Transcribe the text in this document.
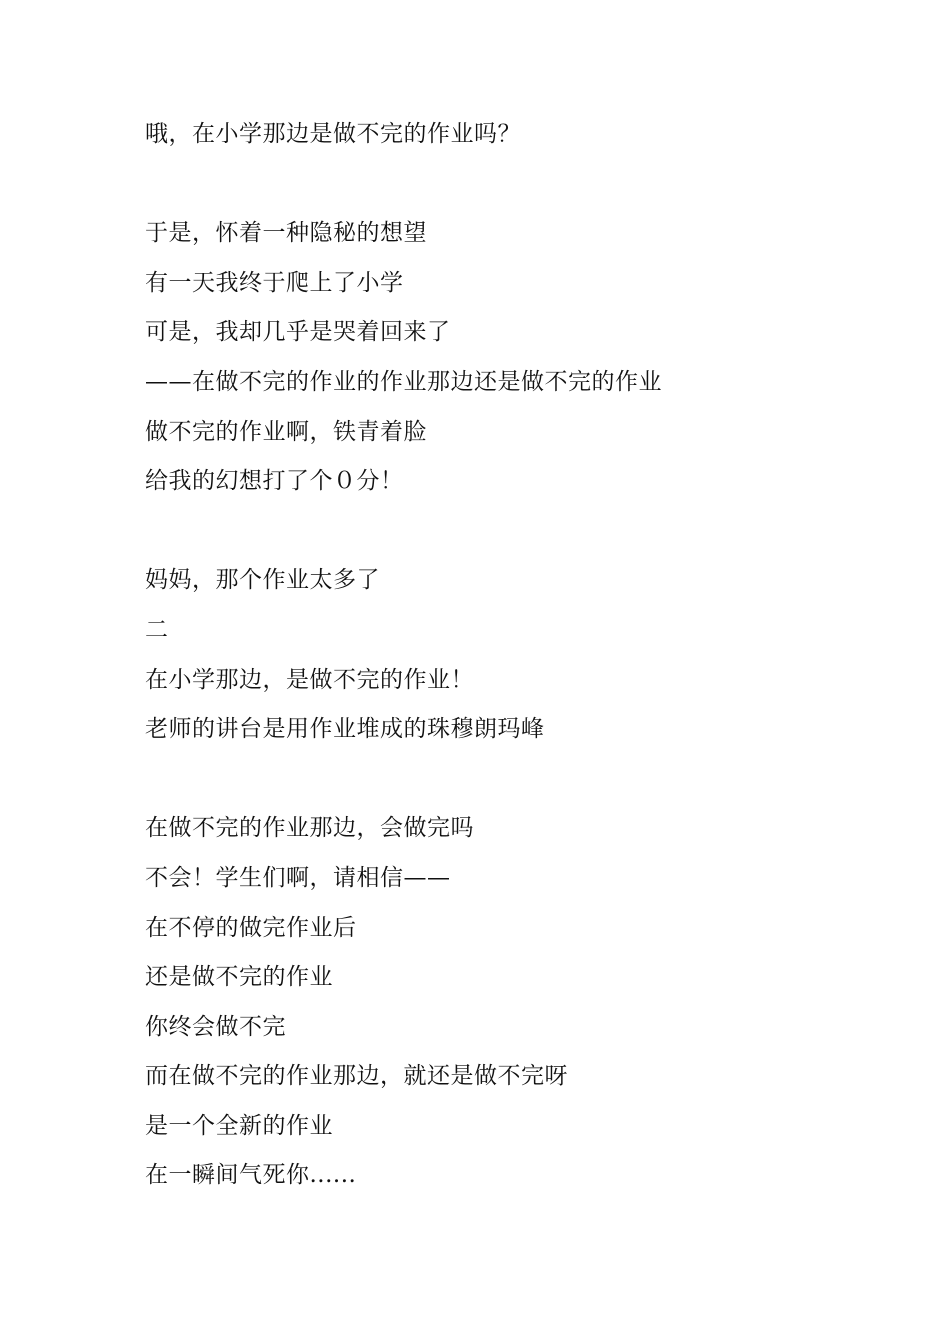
哦，在小学那边是做不完的作业吗？
于是，怀着一种隐秘的想望
有一天我终于爬上了小学
可是，我却几乎是哭着回来了
——在做不完的作业的作业那边还是做不完的作业
做不完的作业啊，铁青着脸
给我的幻想打了个０分！
妈妈，那个作业太多了
二
在小学那边，是做不完的作业！
老师的讲台是用作业堆成的珠穆朗玛峰
在做不完的作业那边，会做完吗
不会！学生们啊，请相信——
在不停的做完作业后
还是做不完的作业
你终会做不完
而在做不完的作业那边，就还是做不完呀
是一个全新的作业
在一瞬间气死你......
